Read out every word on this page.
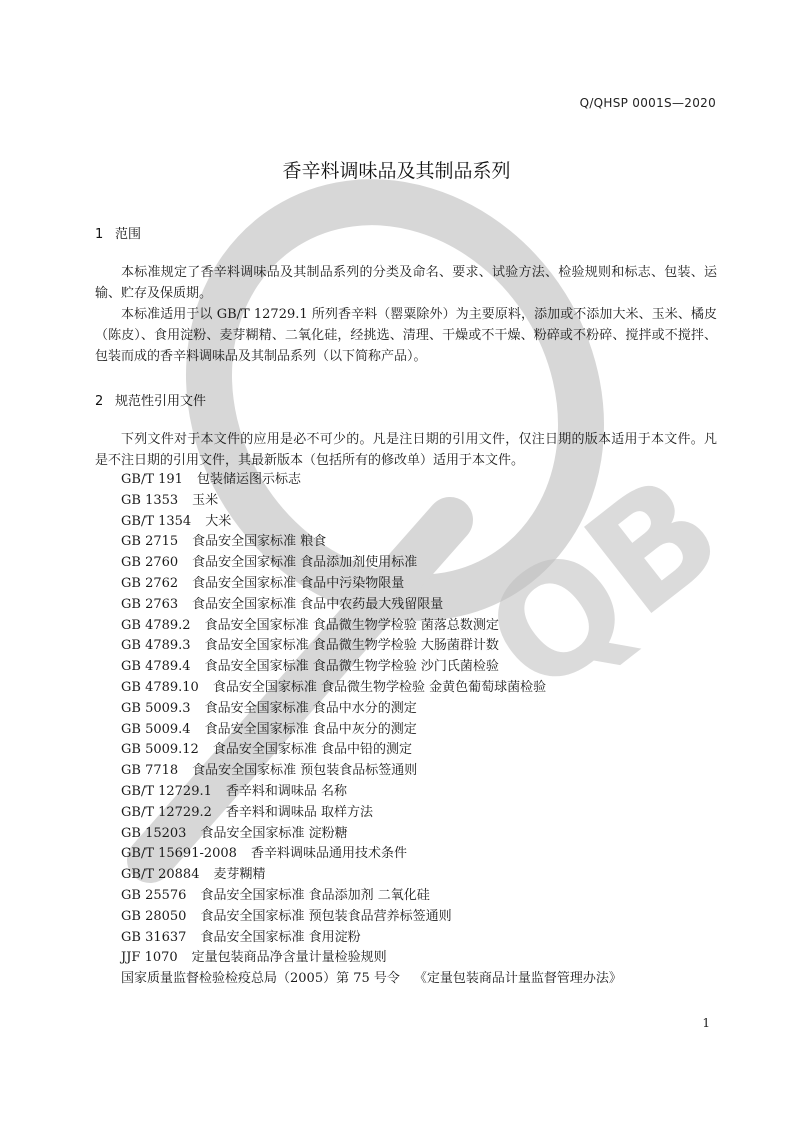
QB
Q/QHSP 0001S—2020
香辛料调味品及其制品系列
1 范围
本标准规定了香辛料调味品及其制品系列的分类及命名、要求、试验方法、检验规则和标志、包装、运输、贮存及保质期。
本标准适用于以 GB/T 12729.1 所列香辛料（罂粟除外）为主要原料，添加或不添加大米、玉米、橘皮（陈皮）、食用淀粉、麦芽糊精、二氧化硅，经挑选、清理、干燥或不干燥、粉碎或不粉碎、搅拌或不搅拌、包装而成的香辛料调味品及其制品系列（以下简称产品）。
2 规范性引用文件
下列文件对于本文件的应用是必不可少的。凡是注日期的引用文件，仅注日期的版本适用于本文件。凡是不注日期的引用文件，其最新版本（包括所有的修改单）适用于本文件。
GB/T 191 包装储运图示标志
GB 1353 玉米
GB/T 1354 大米
GB 2715 食品安全国家标准 粮食
GB 2760 食品安全国家标准 食品添加剂使用标准
GB 2762 食品安全国家标准 食品中污染物限量
GB 2763 食品安全国家标准 食品中农药最大残留限量
GB 4789.2 食品安全国家标准 食品微生物学检验 菌落总数测定
GB 4789.3 食品安全国家标准 食品微生物学检验 大肠菌群计数
GB 4789.4 食品安全国家标准 食品微生物学检验 沙门氏菌检验
GB 4789.10 食品安全国家标准 食品微生物学检验 金黄色葡萄球菌检验
GB 5009.3 食品安全国家标准 食品中水分的测定
GB 5009.4 食品安全国家标准 食品中灰分的测定
GB 5009.12 食品安全国家标准 食品中铅的测定
GB 7718 食品安全国家标准 预包装食品标签通则
GB/T 12729.1 香辛料和调味品 名称
GB/T 12729.2 香辛料和调味品 取样方法
GB 15203 食品安全国家标准 淀粉糖
GB/T 15691-2008 香辛料调味品通用技术条件
GB/T 20884 麦芽糊精
GB 25576 食品安全国家标准 食品添加剂 二氧化硅
GB 28050 食品安全国家标准 预包装食品营养标签通则
GB 31637 食品安全国家标准 食用淀粉
JJF 1070 定量包装商品净含量计量检验规则
国家质量监督检验检疫总局（2005）第 75 号令 《定量包装商品计量监督管理办法》
1
